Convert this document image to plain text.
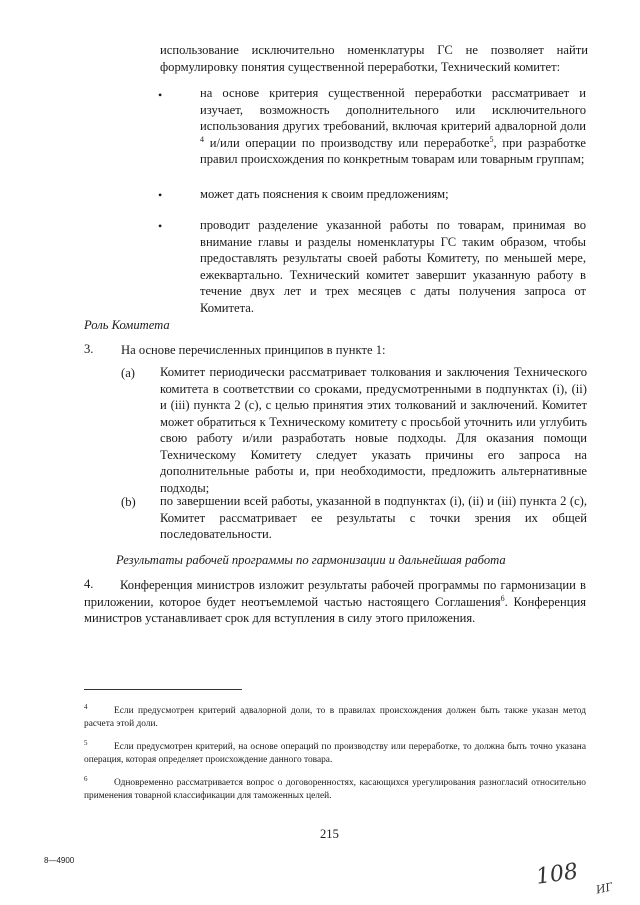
использование исключительно номенклатуры ГС не позволяет найти формулировку понятия существенной переработки, Технический комитет:
•	на основе критерия существенной переработки рассматривает и изучает, возможность дополнительного или исключительного использования других требований, включая критерий адвалорной доли $^4$ и/или операции по производству или переработке$^5$, при разработке правил происхождения по конкретным товарам или товарным группам;
•	может дать пояснения к своим предложениям;
•	проводит разделение указанной работы по товарам, принимая во внимание главы и разделы номенклатуры ГС таким образом, чтобы предоставлять результаты своей работы Комитету, по меньшей мере, ежеквартально. Технический комитет завершит указанную работу в течение двух лет и трех месяцев с даты получения запроса от Комитета.
Роль Комитета
3. На основе перечисленных принципов в пункте 1:
(a) Комитет периодически рассматривает толкования и заключения Технического комитета в соответствии со сроками, предусмотренными в подпунктах (i), (ii) и (iii) пункта 2 (с), с целью принятия этих толкований и заключений. Комитет может обратиться к Техническому комитету с просьбой уточнить или углубить свою работу и/или разработать новые подходы. Для оказания помощи Техническому Комитету следует указать причины его запроса на дополнительные работы и, при необходимости, предложить альтернативные подходы;
(b) по завершении всей работы, указанной в подпунктах (i), (ii) и (iii) пункта 2 (с), Комитет рассматривает ее результаты с точки зрения их общей последовательности.
Результаты рабочей программы по гармонизации и дальнейшая работа
4.	Конференция министров изложит результаты рабочей программы по гармонизации в приложении, которое будет неотъемлемой частью настоящего Соглашения$^6$. Конференция министров устанавливает срок для вступления в силу этого приложения.
4	Если предусмотрен критерий адвалорной доли, то в правилах происхождения должен быть также указан метод расчета этой доли.
5	Если предусмотрен критерий, на основе операций по производству или переработке, то должна быть точно указана операция, которая определяет происхождение данного товара.
6	Одновременно рассматривается вопрос о договоренностях, касающихся урегулирования разногласий относительно применения товарной классификации для таможенных целей.
215
8—4900	108 ИГ
